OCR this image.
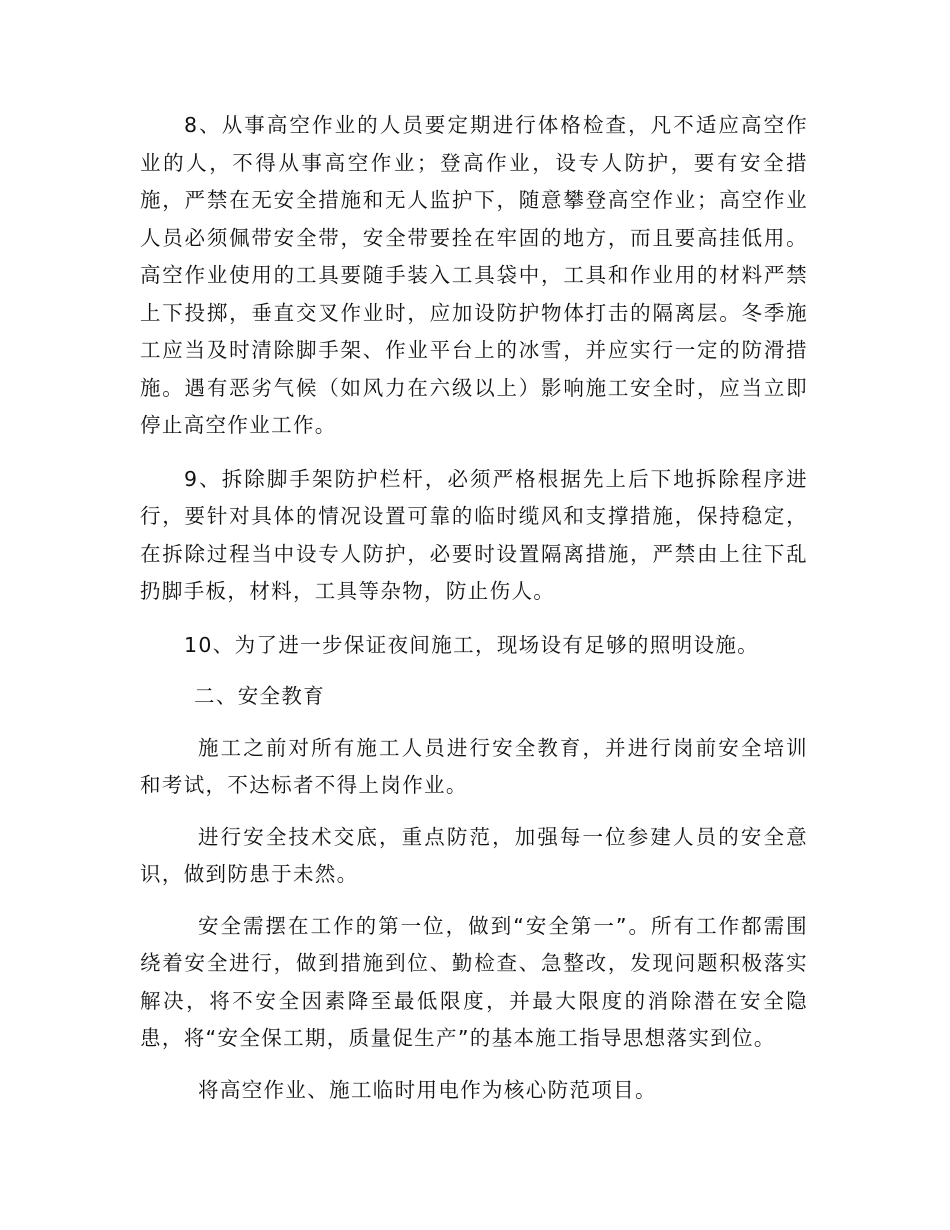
8、从事高空作业的人员要定期进行体格检查，凡不适应高空作业的人，不得从事高空作业；登高作业，设专人防护，要有安全措施，严禁在无安全措施和无人监护下，随意攀登高空作业；高空作业人员必须佩带安全带，安全带要拴在牢固的地方，而且要高挂低用。高空作业使用的工具要随手装入工具袋中，工具和作业用的材料严禁上下投掷，垂直交叉作业时，应加设防护物体打击的隔离层。冬季施工应当及时清除脚手架、作业平台上的冰雪，并应实行一定的防滑措施。遇有恶劣气候（如风力在六级以上）影响施工安全时，应当立即停止高空作业工作。

9、拆除脚手架防护栏杆，必须严格根据先上后下地拆除程序进行，要针对具体的情况设置可靠的临时缆风和支撑措施，保持稳定，在拆除过程当中设专人防护，必要时设置隔离措施，严禁由上往下乱扔脚手板，材料，工具等杂物，防止伤人。

10、为了进一步保证夜间施工，现场设有足够的照明设施。

二、安全教育

施工之前对所有施工人员进行安全教育，并进行岗前安全培训和考试，不达标者不得上岗作业。

进行安全技术交底，重点防范，加强每一位参建人员的安全意识，做到防患于未然。

安全需摆在工作的第一位，做到“安全第一”。所有工作都需围绕着安全进行，做到措施到位、勤检查、急整改，发现问题积极落实解决，将不安全因素降至最低限度，并最大限度的消除潜在安全隐患，将“安全保工期，质量促生产”的基本施工指导思想落实到位。

将高空作业、施工临时用电作为核心防范项目。
